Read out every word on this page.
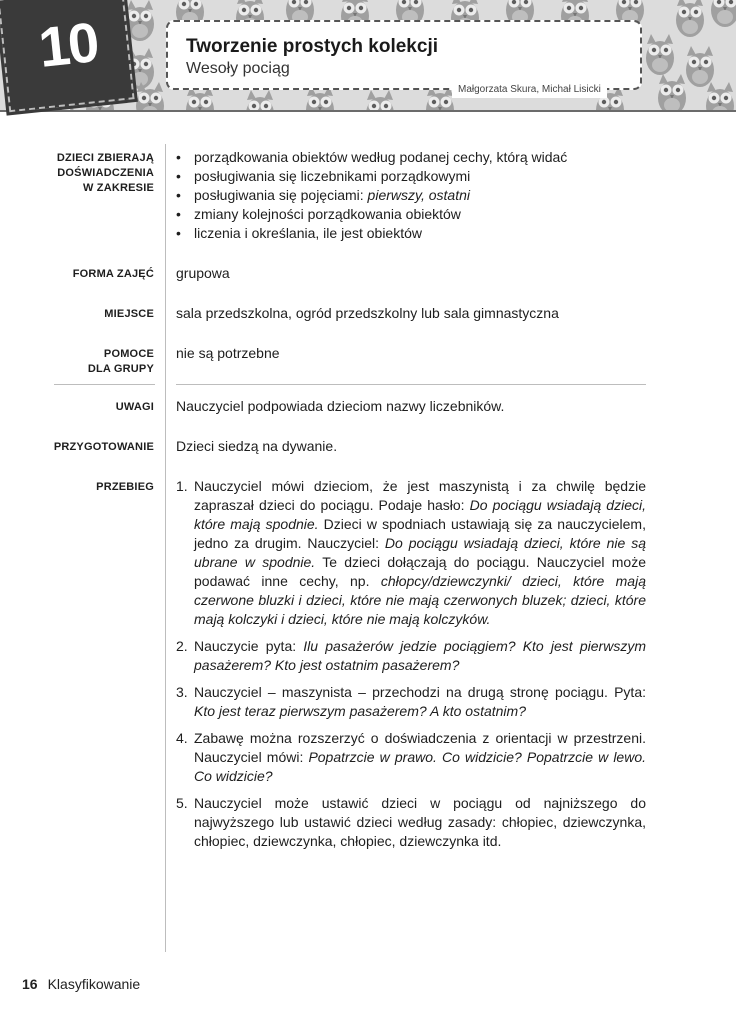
10	Tworzenie prostych kolekcji
Wesoły pociąg
Małgorzata Skura, Michał Lisicki
DZIECI ZBIERAJĄ
DOŚWIADCZENIA
W ZAKRESIE
FORMA ZAJĘĆ
MIEJSCE
POMOCE
DLA GRUPY
UWAGI
PRZYGOTOWANIE
PRZEBIEG
• porządkowania obiektów według podanej cechy, którą widać
• posługiwania się liczebnikami porządkowymi
• posługiwania się pojęciami: pierwszy, ostatni
• zmiany kolejności porządkowania obiektów
• liczenia i określania, ile jest obiektów
grupowa
sala przedszkolna, ogród przedszkolny lub sala gimnastyczna
nie są potrzebne
Nauczyciel podpowiada dzieciom nazwy liczebników.
Dzieci siedzą na dywanie.
1. Nauczyciel mówi dzieciom, że jest maszynistą i za chwilę będzie zapraszał dzieci do pociągu. Podaje hasło: Do pociągu wsiadają dzieci, które mają spodnie. Dzieci w spodniach ustawiają się za nauczycielem, jedno za drugim. Nauczyciel: Do pociągu wsiadają dzieci, które nie są ubrane w spodnie. Te dzieci dołączają do pociągu. Nauczyciel może podawać inne cechy, np. chłopcy/dziewczynki/ dzieci, które mają czerwone bluzki i dzieci, które nie mają czerwonych bluzek; dzieci, które mają kolczyki i dzieci, które nie mają kolczyków.
2. Nauczycie pyta: Ilu pasażerów jedzie pociągiem? Kto jest pierwszym pasażerem? Kto jest ostatnim pasażerem?
3. Nauczyciel – maszynista – przechodzi na drugą stronę pociągu. Pyta: Kto jest teraz pierwszym pasażerem? A kto ostatnim?
4. Zabawę można rozszerzyć o doświadczenia z orientacji w przestrzeni. Nauczyciel mówi: Popatrzcie w prawo. Co widzicie? Popatrzcie w lewo. Co widzicie?
5. Nauczyciel może ustawić dzieci w pociągu od najniższego do najwyższego lub ustawić dzieci według zasady: chłopiec, dziewczynka, chłopiec, dziewczynka, chłopiec, dziewczynka itd.
16 Klasyfikowanie
